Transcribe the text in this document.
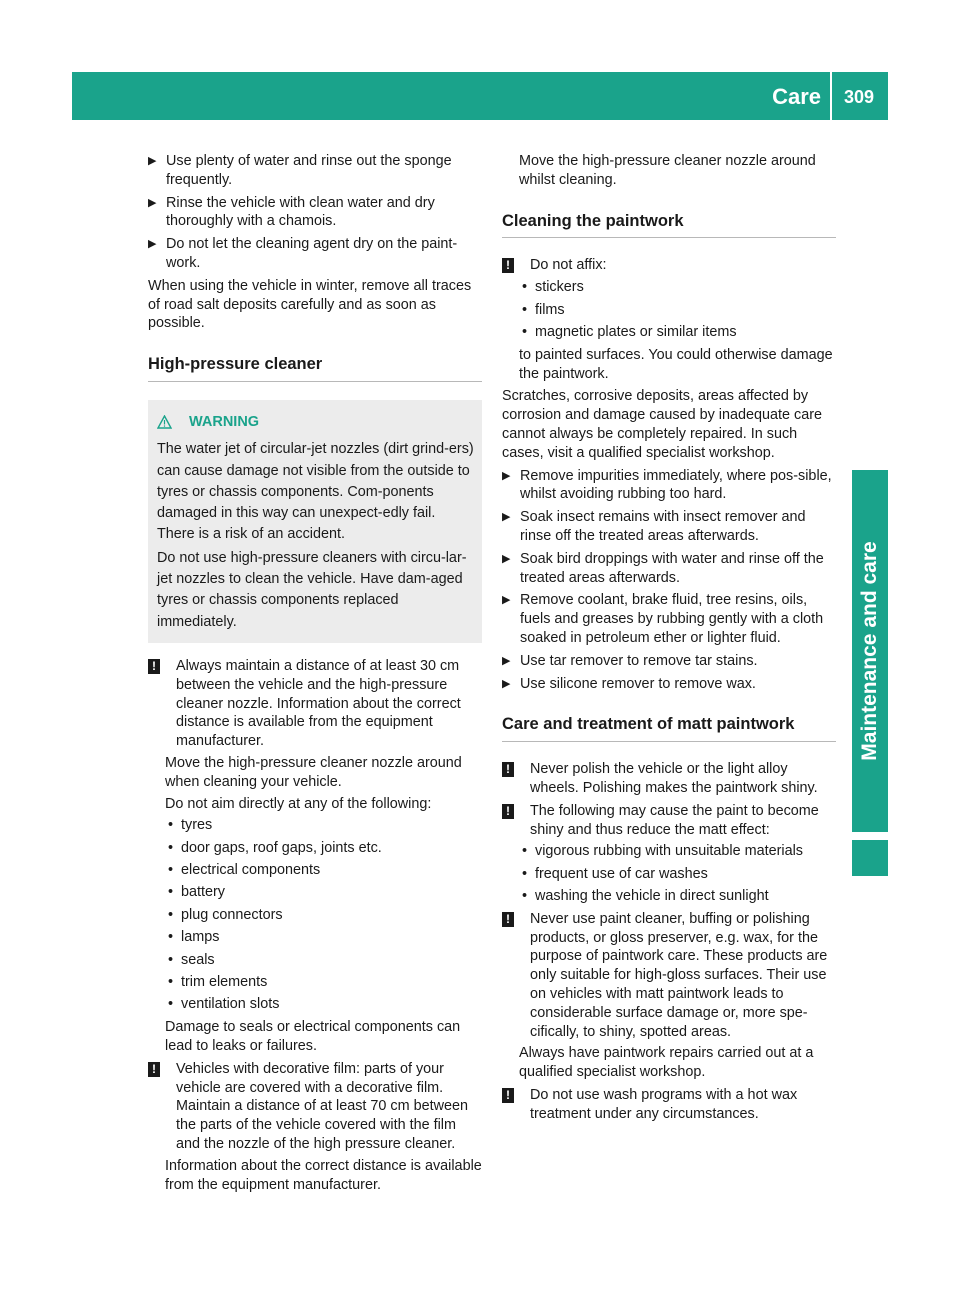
Care	309
Maintenance and care
▶ Use plenty of water and rinse out the sponge frequently.
▶ Rinse the vehicle with clean water and dry thoroughly with a chamois.
▶ Do not let the cleaning agent dry on the paint-work.

When using the vehicle in winter, remove all traces of road salt deposits carefully and as soon as possible.

High-pressure cleaner
WARNING

The water jet of circular-jet nozzles (dirt grind-ers) can cause damage not visible from the outside to tyres or chassis components. Com-ponents damaged in this way can unexpect-edly fail. There is a risk of an accident.

Do not use high-pressure cleaners with circu-lar-jet nozzles to clean the vehicle. Have dam-aged tyres or chassis components replaced immediately.

! Always maintain a distance of at least 30 cm between the vehicle and the high-pressure cleaner nozzle. Information about the correct distance is available from the equipment manufacturer.
Move the high-pressure cleaner nozzle around when cleaning your vehicle.
Do not aim directly at any of the following:
• tyres
• door gaps, roof gaps, joints etc.
• electrical components
• battery
• plug connectors
• lamps
• seals
• trim elements
• ventilation slots
Damage to seals or electrical components can lead to leaks or failures.
! Vehicles with decorative film: parts of your vehicle are covered with a decorative film. Maintain a distance of at least 70 cm between the parts of the vehicle covered with the film and the nozzle of the high pressure cleaner.
Information about the correct distance is available from the equipment manufacturer.

Move the high-pressure cleaner nozzle around whilst cleaning.

Cleaning the paintwork
! Do not affix:
• stickers
• films
• magnetic plates or similar items
to painted surfaces. You could otherwise damage the paintwork.

Scratches, corrosive deposits, areas affected by corrosion and damage caused by inadequate care cannot always be completely repaired. In such cases, visit a qualified specialist workshop.

▶ Remove impurities immediately, where pos-sible, whilst avoiding rubbing too hard.
▶ Soak insect remains with insect remover and rinse off the treated areas afterwards.
▶ Soak bird droppings with water and rinse off the treated areas afterwards.
▶ Remove coolant, brake fluid, tree resins, oils, fuels and greases by rubbing gently with a cloth soaked in petroleum ether or lighter fluid.
▶ Use tar remover to remove tar stains.
▶ Use silicone remover to remove wax.
Care and treatment of matt paintwork
! Never polish the vehicle or the light alloy wheels. Polishing makes the paintwork shiny.
! The following may cause the paint to become shiny and thus reduce the matt effect:
• vigorous rubbing with unsuitable materials
• frequent use of car washes
• washing the vehicle in direct sunlight
! Never use paint cleaner, buffing or polishing products, or gloss preserver, e.g. wax, for the purpose of paintwork care. These products are only suitable for high-gloss surfaces. Their use on vehicles with matt paintwork leads to considerable surface damage or, more spe-cifically, to shiny, spotted areas.
Always have paintwork repairs carried out at a qualified specialist workshop.
! Do not use wash programs with a hot wax treatment under any circumstances.
